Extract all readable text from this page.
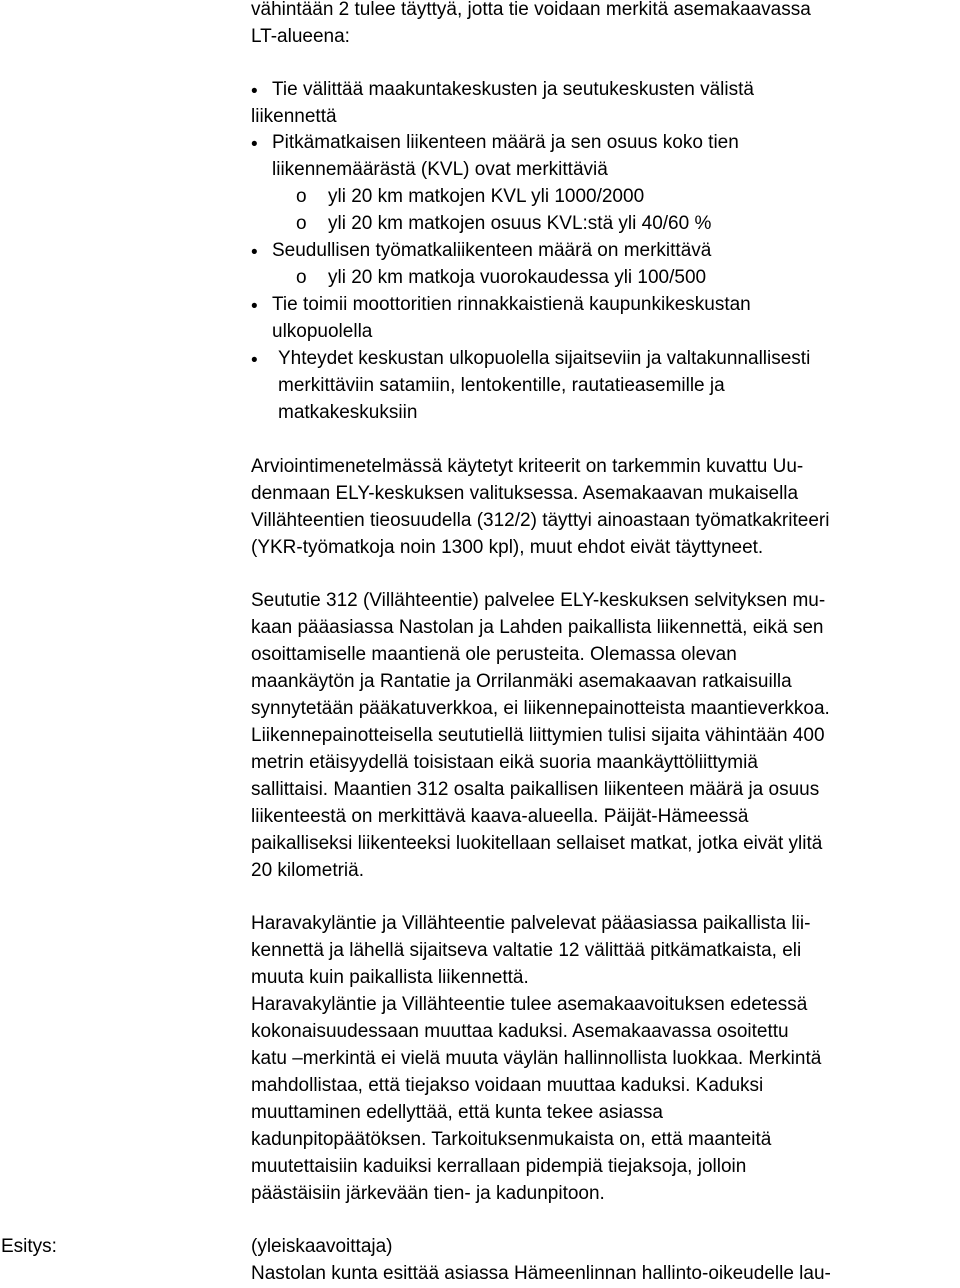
vähintään 2 tulee täyttyä, jotta tie voidaan merkitä asemakaavassa
LT-alueena:
•
Tie välittää maakuntakeskusten ja seutukeskusten välistä
liikennettä
•
Pitkämatkaisen liikenteen määrä ja sen osuus koko tien
liikennemäärästä (KVL) ovat merkittäviä
o yli 20 km matkojen KVL yli 1000/2000
o yli 20 km matkojen osuus KVL:stä yli 40/60 %
•
Seudullisen työmatkaliikenteen määrä on merkittävä
o yli 20 km matkoja vuorokaudessa yli 100/500
•
Tie toimii moottoritien rinnakkaistienä kaupunkikeskustan
ulkopuolella
•
Yhteydet keskustan ulkopuolella sijaitseviin ja valtakunnallisesti
merkittäviin satamiin, lentokentille, rautatieasemille ja
matkakeskuksiin
Arviointimenetelmässä käytetyt kriteerit on tarkemmin kuvattu Uu-
denmaan ELY-keskuksen valituksessa. Asemakaavan mukaisella
Villähteentien tieosuudella (312/2) täyttyi ainoastaan työmatkakriteeri
(YKR-työmatkoja noin 1300 kpl), muut ehdot eivät täyttyneet.
Seututie 312 (Villähteentie) palvelee ELY-keskuksen selvityksen mu-
kaan pääasiassa Nastolan ja Lahden paikallista liikennettä, eikä sen
osoittamiselle maantienä ole perusteita. Olemassa olevan
maankäytön ja Rantatie ja Orrilanmäki asemakaavan ratkaisuilla
synnytetään pääkatuverkkoa, ei liikennepainotteista maantieverkkoa.
Liikennepainotteisella seututiellä liittymien tulisi sijaita vähintään 400
metrin etäisyydellä toisistaan eikä suoria maankäyttöliittymiä
sallittaisi. Maantien 312 osalta paikallisen liikenteen määrä ja osuus
liikenteestä on merkittävä kaava-alueella. Päijät-Hämeessä
paikalliseksi liikenteeksi luokitellaan sellaiset matkat, jotka eivät ylitä
20 kilometriä.
Haravakyläntie ja Villähteentie palvelevat pääasiassa paikallista lii-
kennettä ja lähellä sijaitseva valtatie 12 välittää pitkämatkaista, eli
muuta kuin paikallista liikennettä.
Haravakyläntie ja Villähteentie tulee asemakaavoituksen edetessä
kokonaisuudessaan muuttaa kaduksi. Asemakaavassa osoitettu
katu –merkintä ei vielä muuta väylän hallinnollista luokkaa. Merkintä
mahdollistaa, että tiejakso voidaan muuttaa kaduksi. Kaduksi
muuttaminen edellyttää, että kunta tekee asiassa
kadunpitopäätöksen. Tarkoituksenmukaista on, että maanteitä
muutettaisiin kaduiksi kerrallaan pidempiä tiejaksoja, jolloin
päästäisiin järkevään tien- ja kadunpitoon.
Esitys:	(yleiskaavoittaja)
Nastolan kunta esittää asiassa Hämeenlinnan hallinto-oikeudelle lau-
